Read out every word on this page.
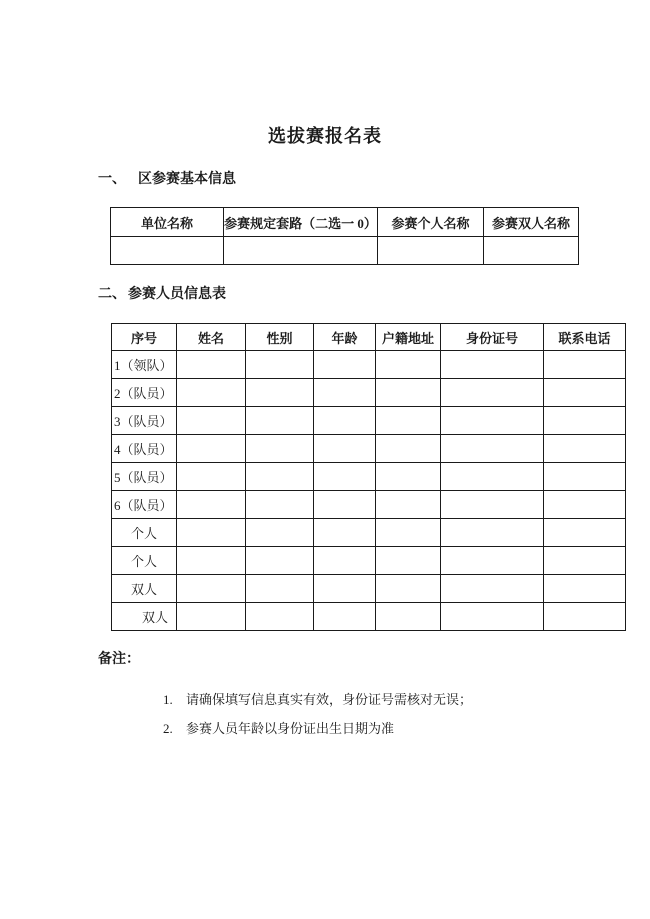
选拔赛报名表
一、 区参赛基本信息
单位名称	参赛规定套路（二选一 0）	参赛个人名称	参赛双人名称

二、 参赛人员信息表
序号	姓名	性别	年龄	户籍地址	身份证号	联系电话
1（领队）						
2（队员）						
3（队员）						
4（队员）						
5（队员）						
6（队员）						
个人						
个人						
双人						
双人						
备注：
1.	请确保填写信息真实有效，身份证号需核对无误；
2.	参赛人员年龄以身份证出生日期为准
